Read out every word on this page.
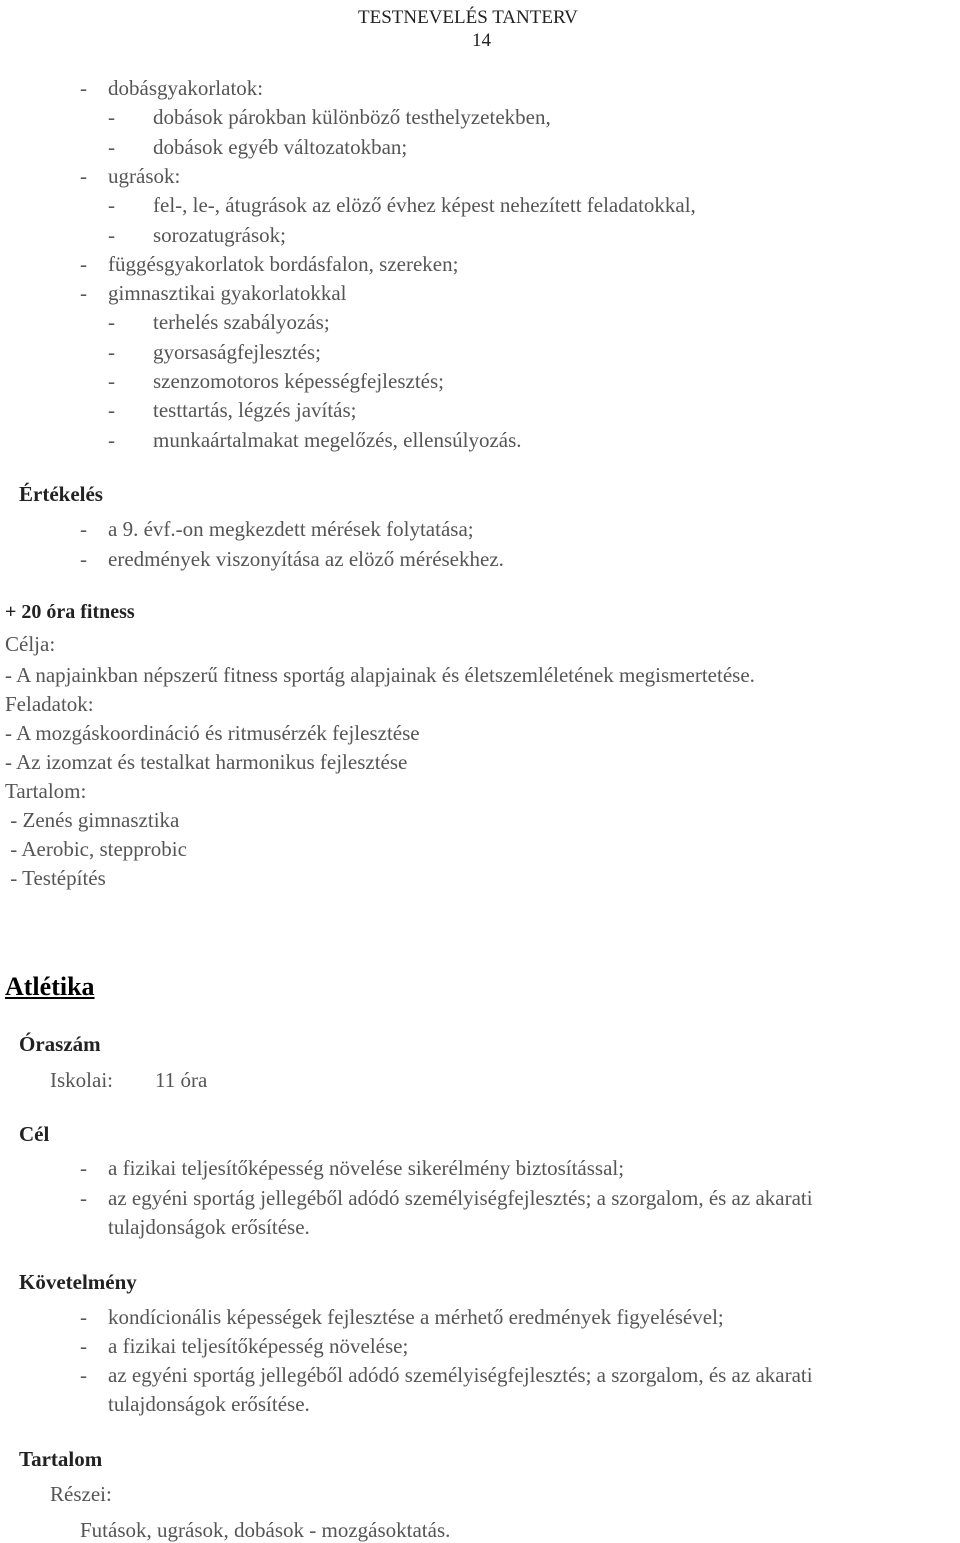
TESTNEVELÉS TANTERV
14
- dobásgyakorlatok:
- dobások párokban különböző testhelyzetekben,
- dobások egyéb változatokban;
- ugrások:
- fel-, le-, átugrások az elöző évhez képest nehezített feladatokkal,
- sorozatugrások;
- függésgyakorlatok bordásfalon, szereken;
- gimnasztikai gyakorlatokkal
- terhelés szabályozás;
- gyorsaságfejlesztés;
- szenzomotoros képességfejlesztés;
- testtartás, légzés javítás;
- munkaártalmakat megelőzés, ellensúlyozás.
Értékelés
- a 9. évf.-on megkezdett mérések folytatása;
- eredmények viszonyítása az elöző mérésekhez.
+ 20 óra fitness
Célja:
- A napjainkban népszerű fitness sportág alapjainak és életszemléletének megismertetése.
Feladatok:
- A mozgáskoordináció és ritmusérzék fejlesztése
- Az izomzat és testalkat harmonikus fejlesztése
Tartalom:
- Zenés gimnasztika
- Aerobic, stepprobic
- Testépítés
Atlétika
Óraszám
Iskolai: 11 óra
Cél
- a fizikai teljesítőképesség növelése sikerélmény biztosítással;
- az egyéni sportág jellegéből adódó személyiségfejlesztés; a szorgalom, és az akarati
tulajdonságok erősítése.
Követelmény
- kondícionális képességek fejlesztése a mérhető eredmények figyelésével;
- a fizikai teljesítőképesség növelése;
- az egyéni sportág jellegéből adódó személyiségfejlesztés; a szorgalom, és az akarati
tulajdonságok erősítése.
Tartalom
Részei:
Futások, ugrások, dobások - mozgásoktatás.
